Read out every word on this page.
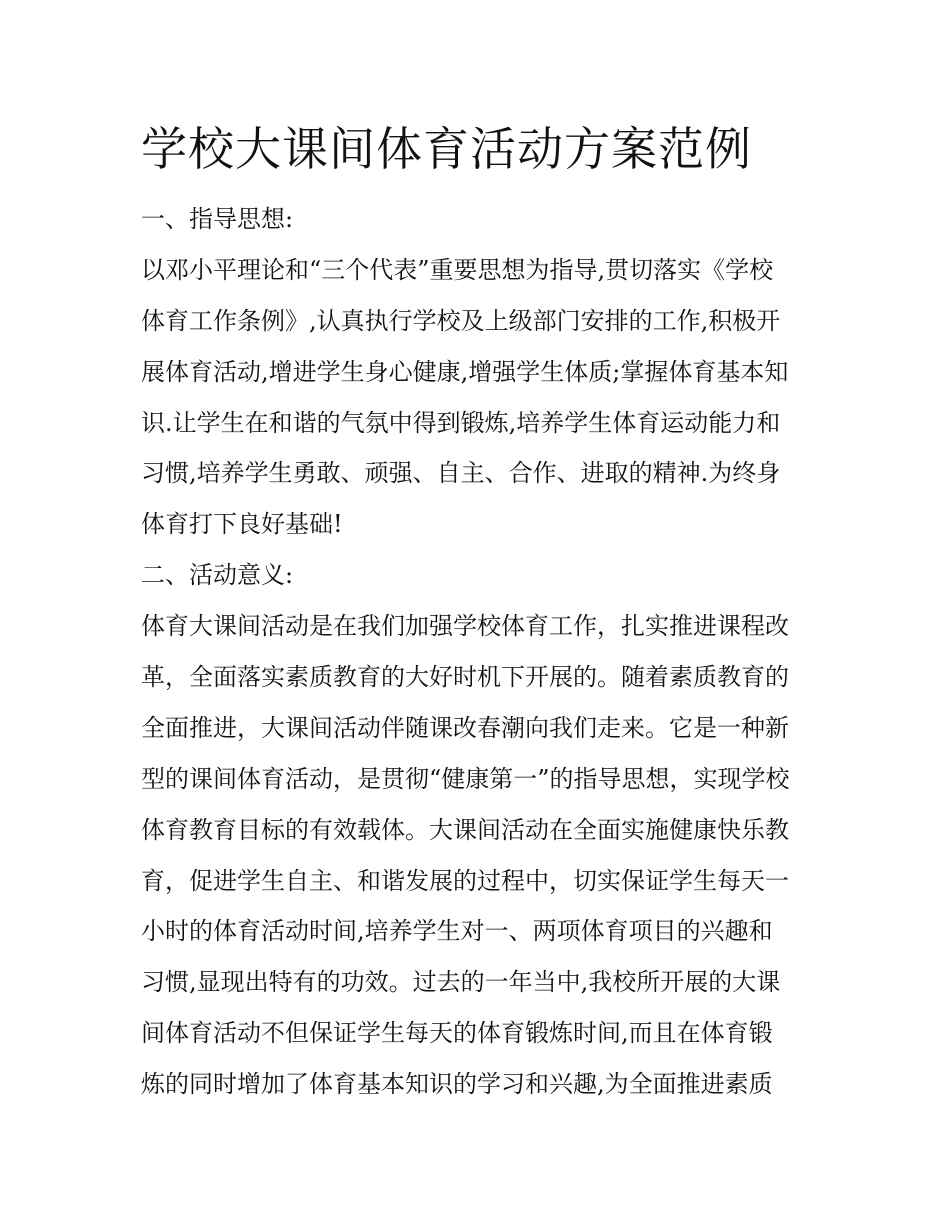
学校大课间体育活动方案范例

一、指导思想:

以邓小平理论和“三个代表”重要思想为指导,贯切落实《学校

体育工作条例》,认真执行学校及上级部门安排的工作,积极开

展体育活动,增进学生身心健康,增强学生体质;掌握体育基本知

识.让学生在和谐的气氛中得到锻炼,培养学生体育运动能力和

习惯,培养学生勇敢、顽强、自主、合作、进取的精神.为终身

体育打下良好基础!

二、活动意义:

体育大课间活动是在我们加强学校体育工作，扎实推进课程改

革，全面落实素质教育的大好时机下开展的。随着素质教育的

全面推进，大课间活动伴随课改春潮向我们走来。它是一种新

型的课间体育活动，是贯彻“健康第一”的指导思想，实现学校

体育教育目标的有效载体。大课间活动在全面实施健康快乐教

育，促进学生自主、和谐发展的过程中，切实保证学生每天一

小时的体育活动时间,培养学生对一、两项体育项目的兴趣和

习惯,显现出特有的功效。过去的一年当中,我校所开展的大课

间体育活动不但保证学生每天的体育锻炼时间,而且在体育锻

炼的同时增加了体育基本知识的学习和兴趣,为全面推进素质
